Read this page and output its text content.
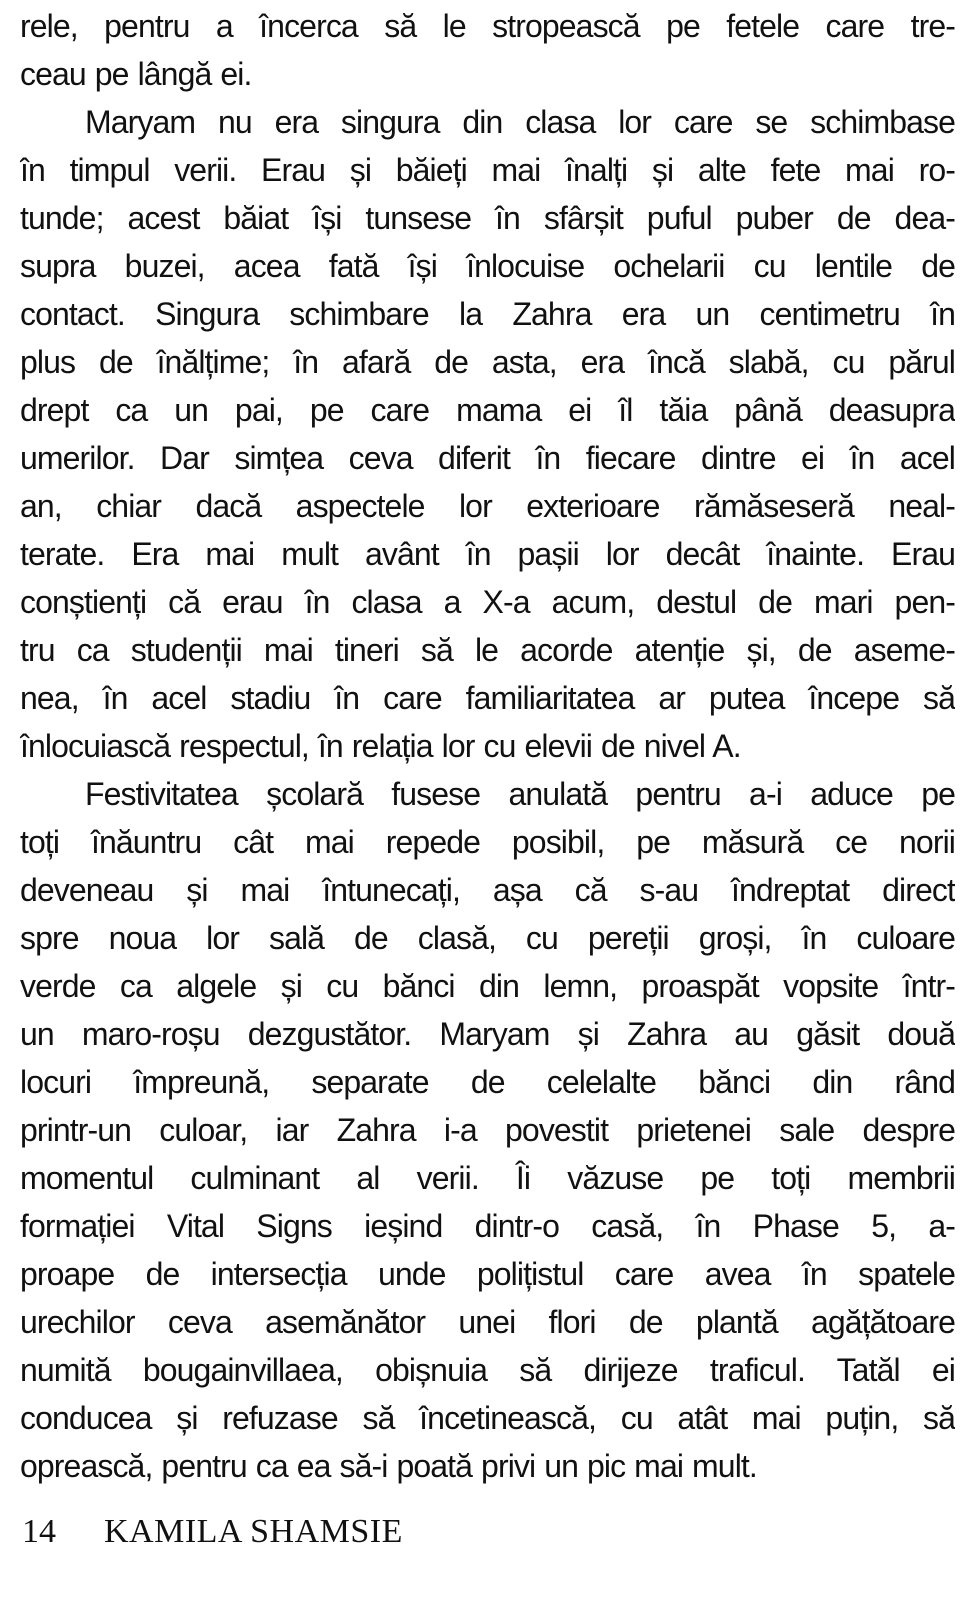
rele, pentru a încerca să le stropească pe fetele care tre-
ceau pe lângă ei.
Maryam nu era singura din clasa lor care se schimbase
în timpul verii. Erau și băieți mai înalți și alte fete mai ro-
tunde; acest băiat își tunsese în sfârșit puful puber de dea-
supra buzei, acea fată își înlocuise ochelarii cu lentile de
contact. Singura schimbare la Zahra era un centimetru în
plus de înălțime; în afară de asta, era încă slabă, cu părul
drept ca un pai, pe care mama ei îl tăia până deasupra
umerilor. Dar simțea ceva diferit în fiecare dintre ei în acel
an, chiar dacă aspectele lor exterioare rămăseseră neal-
terate. Era mai mult avânt în pașii lor decât înainte. Erau
conștienți că erau în clasa a X-a acum, destul de mari pen-
tru ca studenții mai tineri să le acorde atenție și, de aseme-
nea, în acel stadiu în care familiaritatea ar putea începe să
înlocuiască respectul, în relația lor cu elevii de nivel A.
Festivitatea școlară fusese anulată pentru a-i aduce pe
toți înăuntru cât mai repede posibil, pe măsură ce norii
deveneau și mai întunecați, așa că s-au îndreptat direct
spre noua lor sală de clasă, cu pereții groși, în culoare
verde ca algele și cu bănci din lemn, proaspăt vopsite într-
un maro-roșu dezgustător. Maryam și Zahra au găsit două
locuri împreună, separate de celelalte bănci din rând
printr-un culoar, iar Zahra i-a povestit prietenei sale despre
momentul culminant al verii. Îi văzuse pe toți membrii
formației Vital Signs ieșind dintr-o casă, în Phase 5, a-
proape de intersecția unde polițistul care avea în spatele
urechilor ceva asemănător unei flori de plantă agățătoare
numită bougainvillaea, obișnuia să dirijeze traficul. Tatăl ei
conducea și refuzase să încetinească, cu atât mai puțin, să
oprească, pentru ca ea să-i poată privi un pic mai mult.
14 KAMILA SHAMSIE
